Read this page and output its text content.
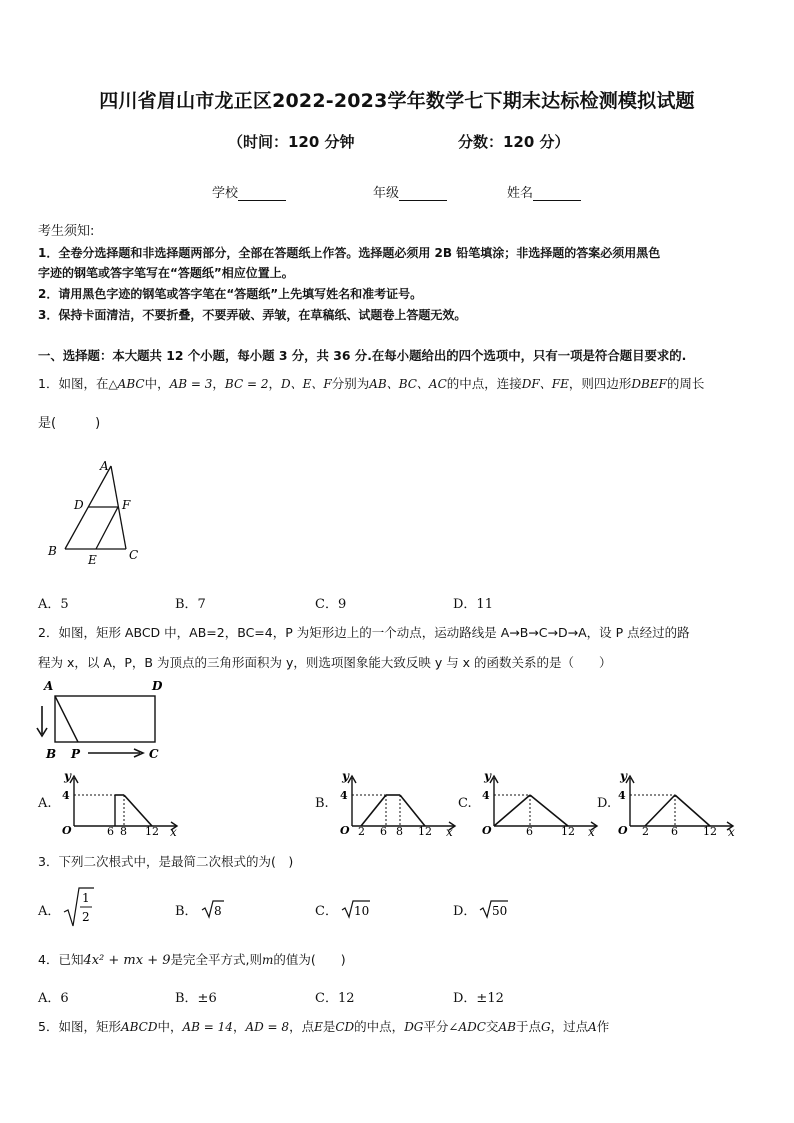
四川省眉山市龙正区2022-2023学年数学七下期末达标检测模拟试题
（时间：120 分钟	分数：120 分）
学校	年级	姓名
考生须知:
1．全卷分选择题和非选择题两部分，全部在答题纸上作答。选择题必须用 2B 铅笔填涂；非选择题的答案必须用黑色
字迹的钢笔或答字笔写在“答题纸”相应位置上。
2．请用黑色字迹的钢笔或答字笔在“答题纸”上先填写姓名和准考证号。
3．保持卡面清洁，不要折叠，不要弄破、弄皱，在草稿纸、试题卷上答题无效。
一、选择题：本大题共 12 个小题，每小题 3 分，共 36 分.在每小题给出的四个选项中，只有一项是符合题目要求的.
1．如图，在△ABC中，AB = 3，BC = 2，D、E、F分别为AB、BC、AC的中点，连接DF、FE，则四边形DBEF的周长
是(　　　)
A
D	F
B
E	C
A．5	B．7	C．9	D．11
2．如图，矩形 ABCD 中，AB=2，BC=4，P 为矩形边上的一个动点，运动路线是 A→B→C→D→A，设 P 点经过的路
程为 x，以 A，P，B 为顶点的三角形面积为 y，则选项图象能大致反映 y 与 x 的函数关系的是（　　）
A	D
B P	C
A.	B.	C.	D.
y
4
O	6 8 12 x
y
4
O 2 6 8 12 x
y
4
O	6	12 x
y
4
O 2 6 12 x
3．下列二次根式中，是最简二次根式的为(　)
A．
1
2	B． 8	C． 10	D． 50
4．已知4x² + mx + 9是完全平方式,则m的值为(　　)
A．6	B．±6	C．12	D．±12
5．如图，矩形ABCD中，AB = 14，AD = 8，点E是CD的中点，DG平分∠ADC交AB于点G，过点A作
